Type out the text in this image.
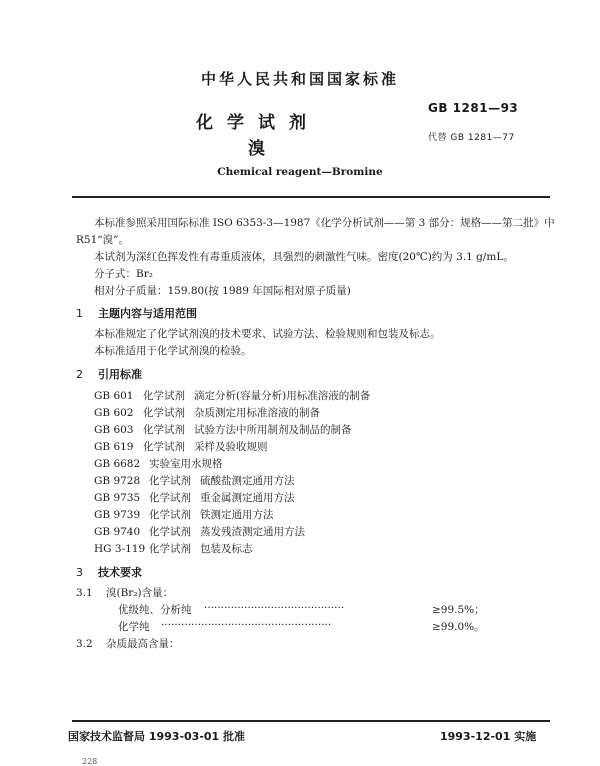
中华人民共和国国家标准
化学试剂
溴
Chemical reagent—Bromine
GB 1281—93
代替 GB 1281—77
本标准参照采用国际标准 ISO 6353-3—1987《化学分析试剂——第 3 部分：规格——第二批》中
R51“溴”。
本试剂为深红色挥发性有毒重质液体，具强烈的刺激性气味。密度(20℃)约为 3.1 g/mL。
分子式：Br₂
相对分子质量：159.80(按 1989 年国际相对原子质量)
1 主题内容与适用范围
本标准规定了化学试剂溴的技术要求、试验方法、检验规则和包装及标志。
本标准适用于化学试剂溴的检验。
2 引用标准
GB 601 化学试剂 滴定分析(容量分析)用标准溶液的制备
GB 602 化学试剂 杂质测定用标准溶液的制备
GB 603 化学试剂 试验方法中所用制剂及制品的制备
GB 619 化学试剂 采样及验收规则
GB 6682 实验室用水规格
GB 9728 化学试剂 硫酸盐测定通用方法
GB 9735 化学试剂 重金属测定通用方法
GB 9739 化学试剂 铁测定通用方法
GB 9740 化学试剂 蒸发残渣测定通用方法
HG 3-119 化学试剂 包装及标志
3 技术要求
3.1 溴(Br₂)含量：
优级纯、分析纯 ··········································	≥99.5%；
化学纯 ···················································	≥99.0%。
3.2 杂质最高含量：
国家技术监督局 1993-03-01 批准	1993-12-01 实施
228
